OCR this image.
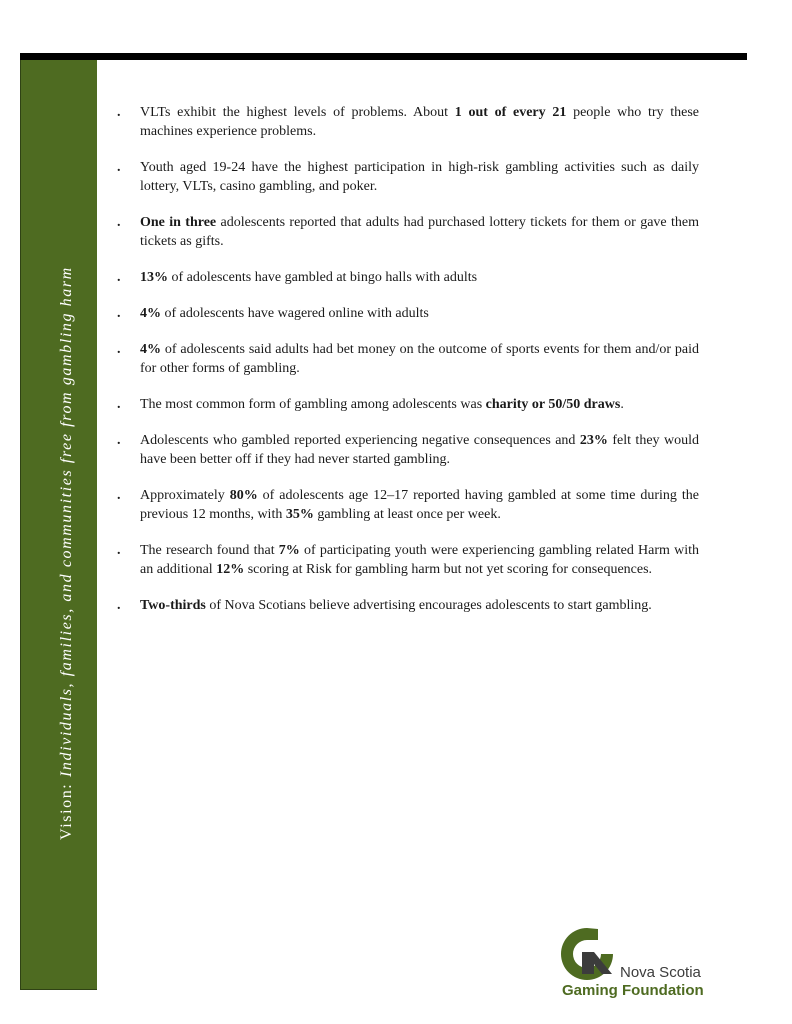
Vision: Individuals, families, and communities free from gambling harm
. VLTs exhibit the highest levels of problems. About 1 out of every 21 people who try these machines experience problems.
. Youth aged 19-24 have the highest participation in high-risk gambling activities such as daily lottery, VLTs, casino gambling, and poker.
. One in three adolescents reported that adults had purchased lottery tickets for them or gave them tickets as gifts.
. 13% of adolescents have gambled at bingo halls with adults
. 4% of adolescents have wagered online with adults
. 4% of adolescents said adults had bet money on the outcome of sports events for them and/or paid for other forms of gambling.
. The most common form of gambling among adolescents was charity or 50/50 draws.
. Adolescents who gambled reported experiencing negative consequences and 23% felt they would have been better off if they had never started gambling.
. Approximately 80% of adolescents age 12–17 reported having gambled at some time during the previous 12 months, with 35% gambling at least once per week.
. The research found that 7% of participating youth were experiencing gambling related Harm with an additional 12% scoring at Risk for gambling harm but not yet scoring for consequences.
. Two-thirds of Nova Scotians believe advertising encourages adolescents to start gambling.
Nova Scotia
Gaming Foundation
